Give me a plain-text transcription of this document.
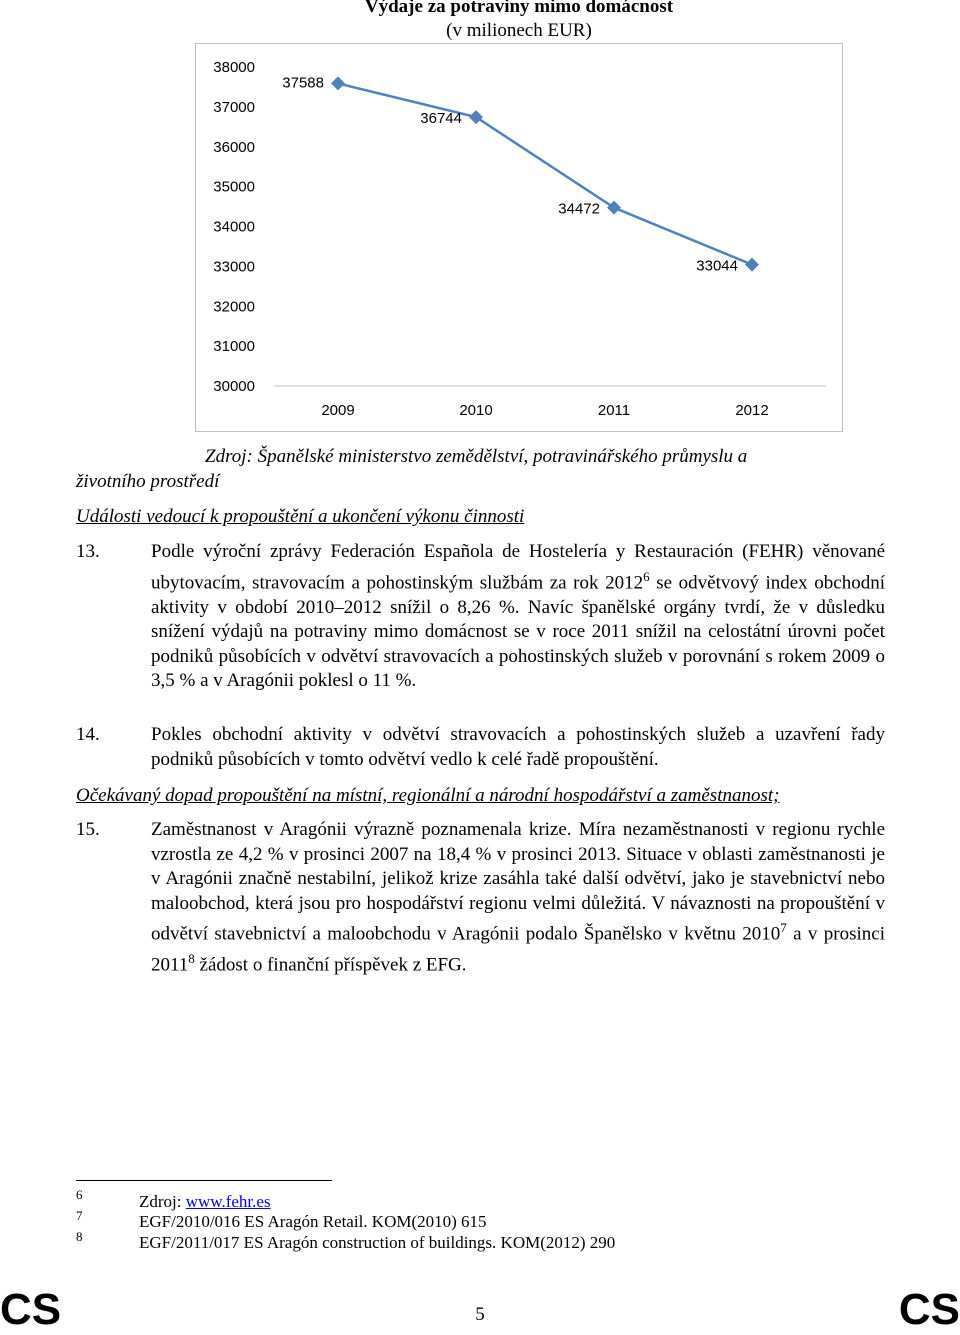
Výdaje za potraviny mimo domácnost
(v milionech EUR)
30000
31000
32000
33000
34000
35000
36000
37000
38000
2009	2010	2011	2012
37588
36744
34472
33044
Zdroj: Španělské ministerstvo zemědělství, potravinářského průmyslu a
životního prostředí
Události vedoucí k propouštění a ukončení výkonu činnosti
13.	Podle výroční zprávy Federación Española de Hostelería y Restauración (FEHR) věnované ubytovacím, stravovacím a pohostinským službám za rok 2012$^6$ se odvětvový index obchodní aktivity v období 2010–2012 snížil o 8,26 %. Navíc španělské orgány tvrdí, že v důsledku snížení výdajů na potraviny mimo domácnost se v roce 2011 snížil na celostátní úrovni počet podniků působících v odvětví stravovacích a pohostinských služeb v porovnání s rokem 2009 o 3,5 % a v Aragónii poklesl o 11 %.
14.	Pokles obchodní aktivity v odvětví stravovacích a pohostinských služeb a uzavření řady podniků působících v tomto odvětví vedlo k celé řadě propouštění.
Očekávaný dopad propouštění na místní, regionální a národní hospodářství a zaměstnanost;
15.	Zaměstnanost v Aragónii výrazně poznamenala krize. Míra nezaměstnanosti v regionu rychle vzrostla ze 4,2 % v prosinci 2007 na 18,4 % v prosinci 2013. Situace v oblasti zaměstnanosti je v Aragónii značně nestabilní, jelikož krize zasáhla také další odvětví, jako je stavebnictví nebo maloobchod, která jsou pro hospodářství regionu velmi důležitá. V návaznosti na propouštění v odvětví stavebnictví a maloobchodu v Aragónii podalo Španělsko v květnu 2010$^7$ a v prosinci 2011$^8$ žádost o finanční příspěvek z EFG.
6	Zdroj: www.fehr.es
7	EGF/2010/016 ES Aragón Retail. KOM(2010) 615
8	EGF/2011/017 ES Aragón construction of buildings. KOM(2012) 290
CS	5	CS
